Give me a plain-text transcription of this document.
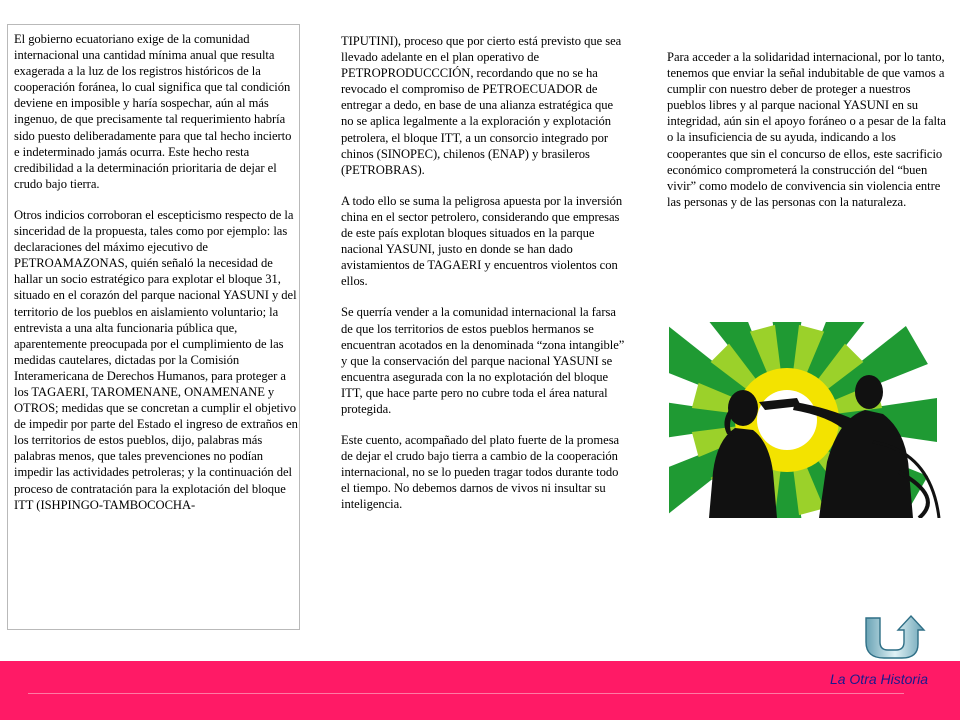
El gobierno ecuatoriano exige de la comunidad internacional una cantidad mínima anual que resulta exagerada a la luz de los registros históricos de la cooperación foránea, lo cual significa que tal condición deviene en imposible y haría sospechar, aún al más ingenuo, de que precisamente tal requerimiento habría sido puesto deliberadamente para que tal hecho incierto e indeterminado jamás ocurra. Este hecho resta credibilidad a la determinación prioritaria de dejar el crudo bajo tierra.

Otros indicios corroboran el escepticismo respecto de la sinceridad de la propuesta, tales como por ejemplo: las declaraciones del máximo ejecutivo de PETROAMAZONAS, quién señaló la necesidad de hallar un socio estratégico para explotar el bloque 31, situado en el corazón del parque nacional YASUNI y del territorio de los pueblos en aislamiento voluntario; la entrevista a una alta funcionaria pública que, aparentemente preocupada por el cumplimiento de las medidas cautelares, dictadas por la Comisión Interamericana de Derechos Humanos, para proteger a los TAGAERI, TAROMENANE, ONAMENANE y OTROS; medidas que se concretan a cumplir el objetivo de impedir por parte del Estado el ingreso de extraños en los territorios de estos pueblos, dijo, palabras más palabras menos, que tales prevenciones no podían impedir las actividades petroleras; y la continuación del proceso de contratación para la explotación del bloque ITT (ISHPINGO-TAMBOCOCHA-

TIPUTINI), proceso que por cierto está previsto que sea llevado adelante en el plan operativo de PETROPRODUCCCIÓN, recordando que no se ha revocado el compromiso de PETROECUADOR de entregar a dedo, en base de una alianza estratégica que no se aplica legalmente a la exploración y explotación petrolera, el bloque ITT, a un consorcio integrado por chinos (SINOPEC), chilenos (ENAP) y brasileros (PETROBRAS).

A todo ello se suma la peligrosa apuesta por la inversión china en el sector petrolero, considerando que empresas de este país explotan bloques situados en la parque nacional YASUNI, justo en donde se han dado avistamientos de TAGAERI y encuentros violentos con ellos.

Se querría vender a la comunidad internacional la farsa de que los territorios de estos pueblos hermanos se encuentran acotados en la denominada “zona intangible” y que la conservación del parque nacional YASUNI se encuentra asegurada con la no explotación del bloque ITT, que hace parte pero no cubre toda el área natural protegida.

Este cuento, acompañado del plato fuerte de la promesa de dejar el crudo bajo tierra a cambio de la cooperación internacional, no se lo pueden tragar todos durante todo el tiempo. No debemos darnos de vivos ni insultar su inteligencia.

Para acceder a la solidaridad internacional, por lo tanto, tenemos que enviar la señal indubitable de que vamos a cumplir con nuestro deber de proteger a nuestros pueblos libres y al parque nacional YASUNI en su integridad, aún sin el apoyo foráneo o a pesar de la falta o la insuficiencia de su ayuda, indicando a los cooperantes que sin el concurso de ellos, este sacrificio económico comprometerá la construcción del “buen vivir” como modelo de convivencia sin violencia entre las personas y de las personas con la naturaleza.

La Otra Historia
